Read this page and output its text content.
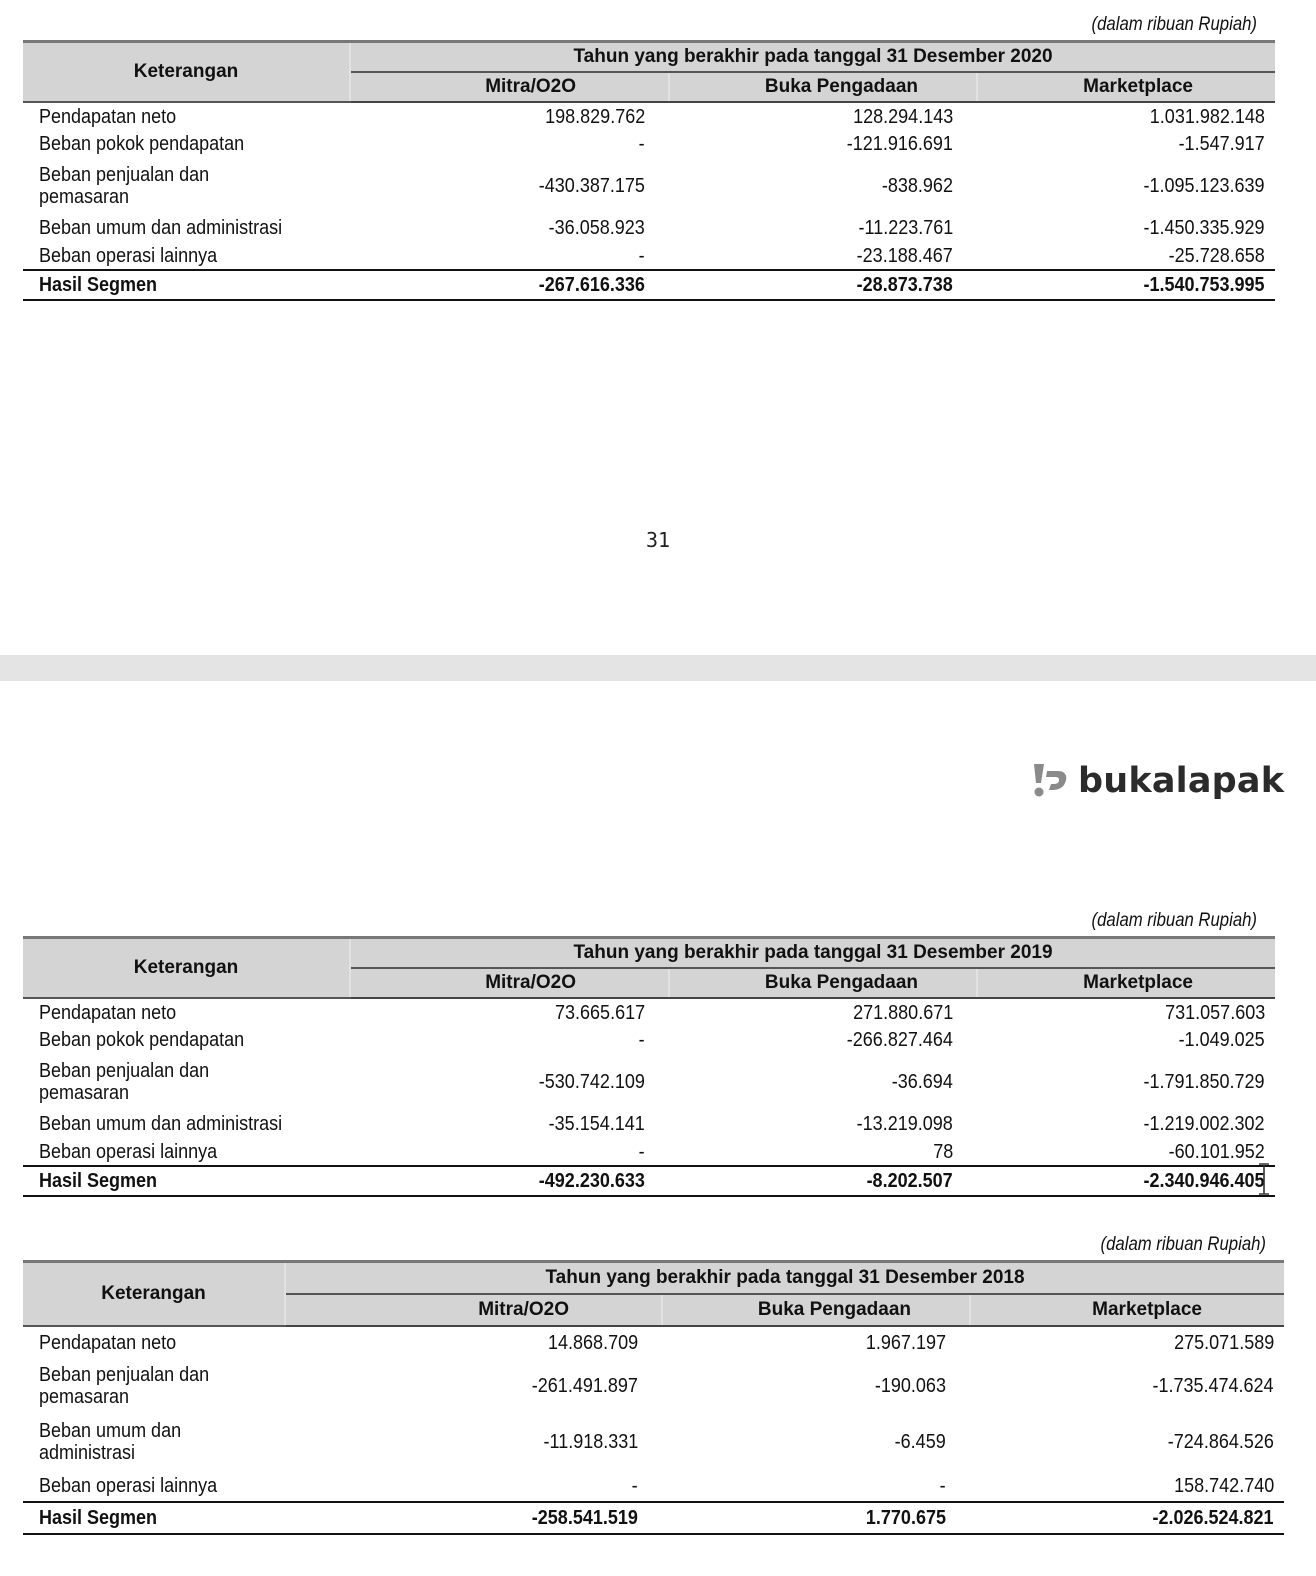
(dalam ribuan Rupiah)
Keterangan	Tahun yang berakhir pada tanggal 31 Desember 2020		
	Mitra/O2O	Buka Pengadaan	Marketplace
Pendapatan neto	198.829.762	128.294.143	1.031.982.148
Beban pokok pendapatan	-	-121.916.691	-1.547.917
Beban penjualan dan pemasaran	-430.387.175	-838.962	-1.095.123.639
Beban umum dan administrasi	-36.058.923	-11.223.761	-1.450.335.929
Beban operasi lainnya	-	-23.188.467	-25.728.658
Hasil Segmen	-267.616.336	-28.873.738	-1.540.753.995
31
bukalapak
(dalam ribuan Rupiah)
Keterangan	Tahun yang berakhir pada tanggal 31 Desember 2019		
	Mitra/O2O	Buka Pengadaan	Marketplace
Pendapatan neto	73.665.617	271.880.671	731.057.603
Beban pokok pendapatan	-	-266.827.464	-1.049.025
Beban penjualan dan pemasaran	-530.742.109	-36.694	-1.791.850.729
Beban umum dan administrasi	-35.154.141	-13.219.098	-1.219.002.302
Beban operasi lainnya	-	78	-60.101.952
Hasil Segmen	-492.230.633	-8.202.507	-2.340.946.405
(dalam ribuan Rupiah)
Keterangan	Tahun yang berakhir pada tanggal 31 Desember 2018		
	Mitra/O2O	Buka Pengadaan	Marketplace
Pendapatan neto	14.868.709	1.967.197	275.071.589
Beban penjualan dan pemasaran	-261.491.897	-190.063	-1.735.474.624
Beban umum dan administrasi	-11.918.331	-6.459	-724.864.526
Beban operasi lainnya	-	-	158.742.740
Hasil Segmen	-258.541.519	1.770.675	-2.026.524.821
